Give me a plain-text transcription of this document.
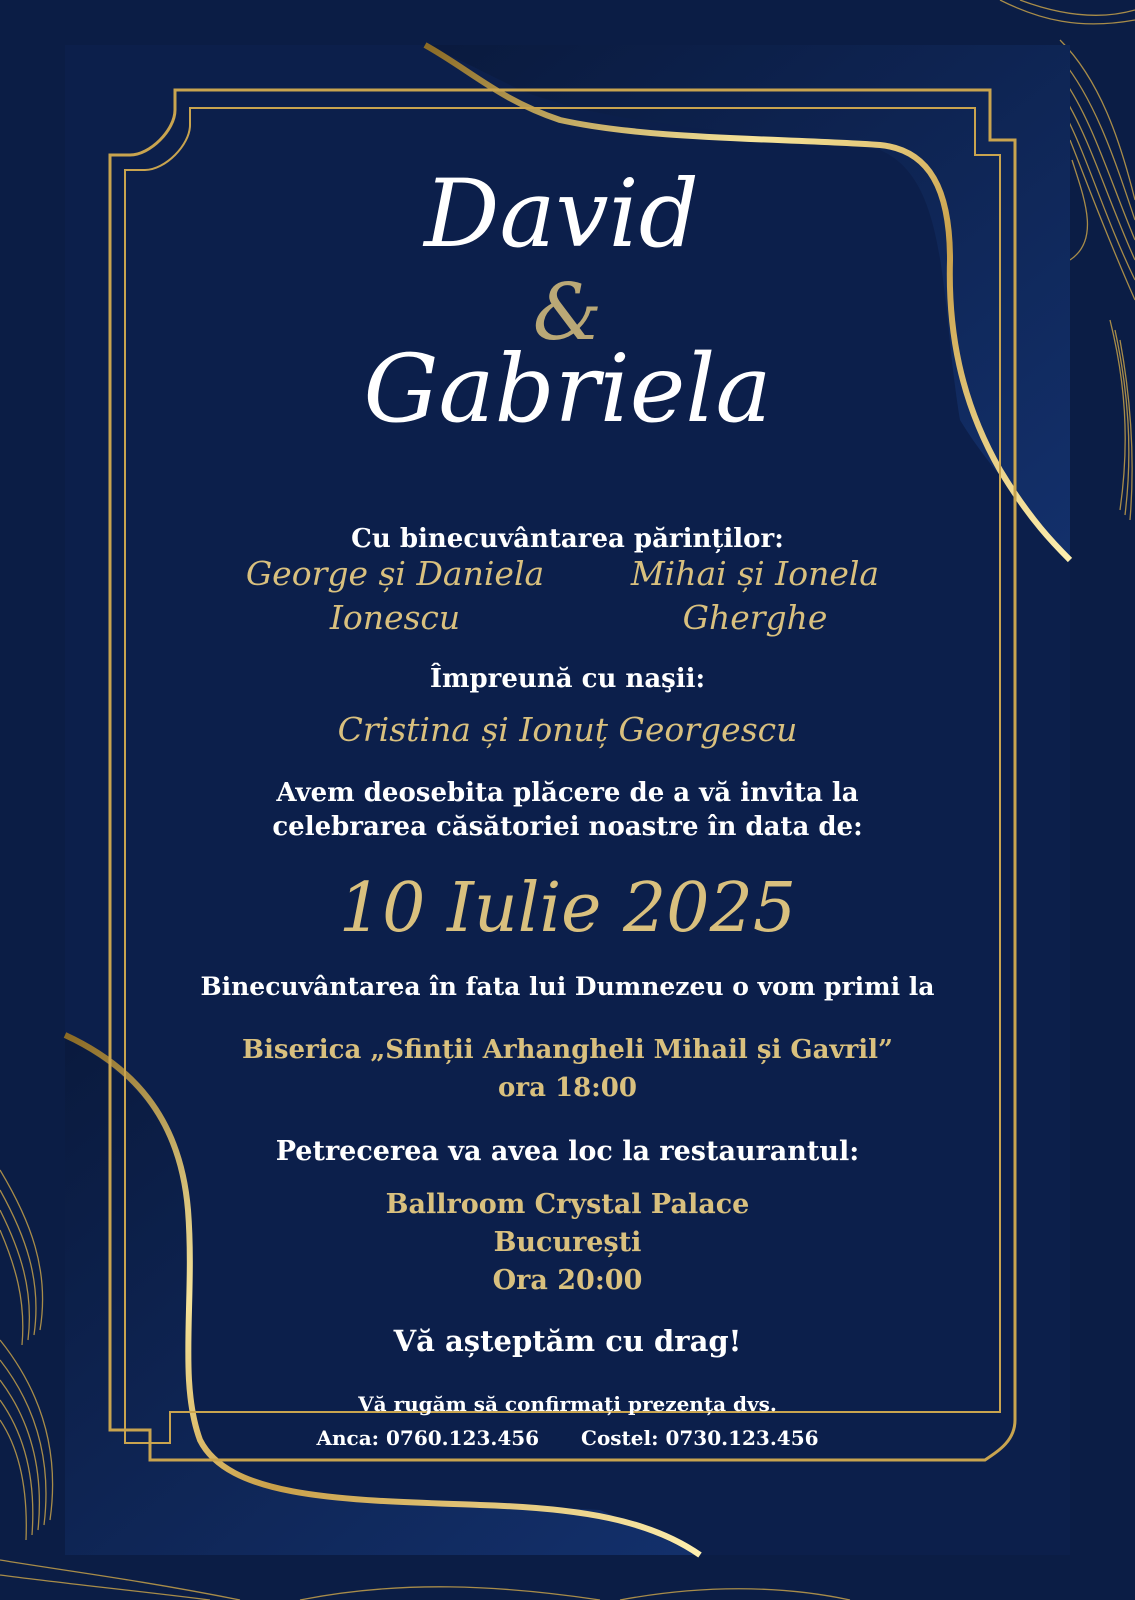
David
&
Gabriela
Cu binecuvântarea părinților:
George și Daniela
Ionescu
Mihai și Ionela
Gherghe
Împreună cu naşii:
Cristina și Ionuț Georgescu
Avem deosebita plăcere de a vă invita la
celebrarea căsătoriei noastre în data de:
10 Iulie 2025
Binecuvântarea în fata lui Dumnezeu o vom primi la
Biserica „Sfinții Arhangheli Mihail și Gavril”
ora 18:00
Petrecerea va avea loc la restaurantul:
Ballroom Crystal Palace
București
Ora 20:00
Vă așteptăm cu drag!
Vă rugăm să confirmați prezența dvs.
Anca: 0760.123.456 Costel: 0730.123.456
